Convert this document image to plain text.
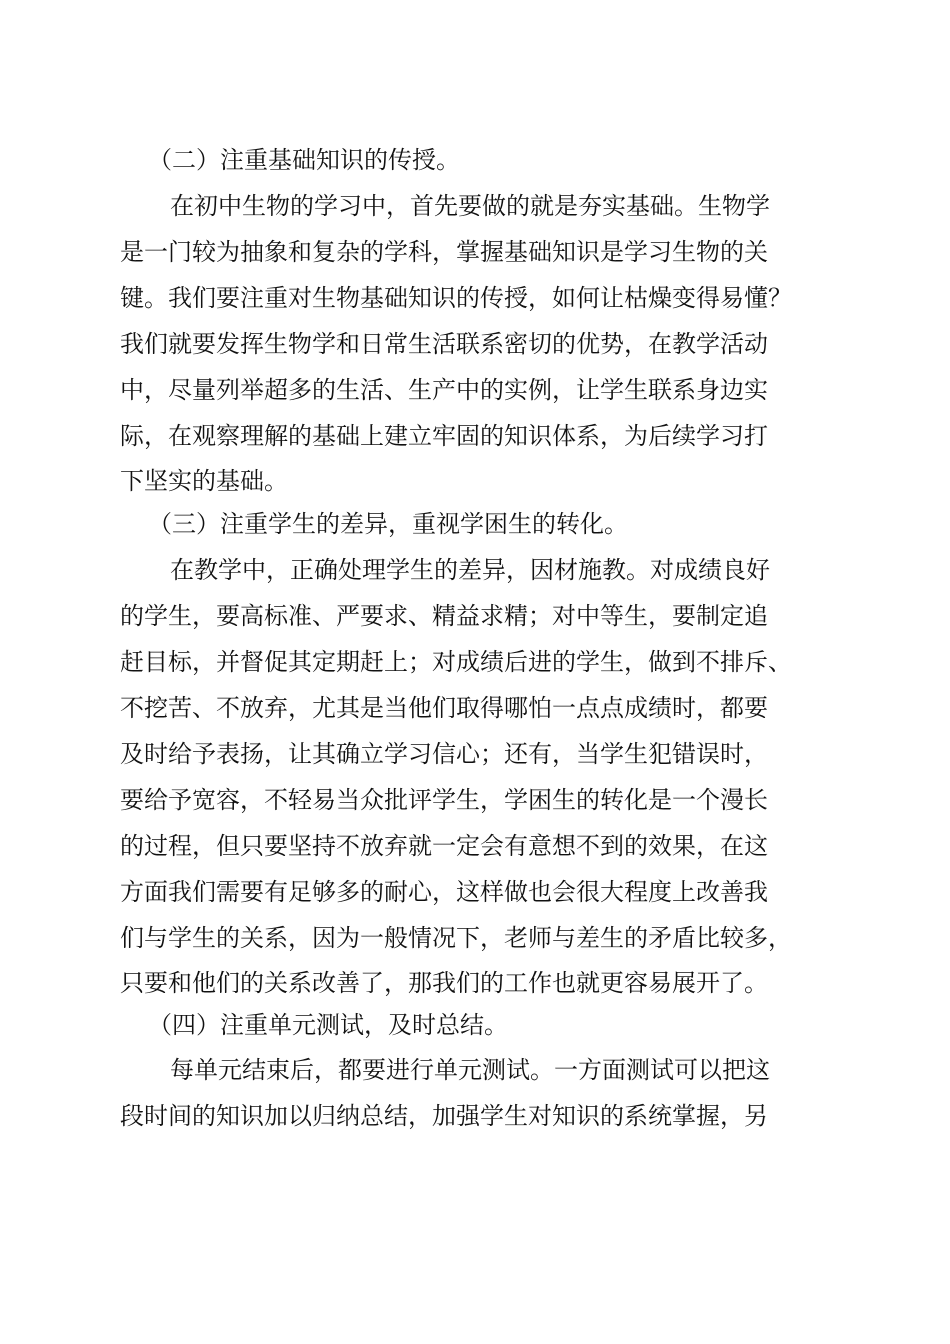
（二）注重基础知识的传授。
在初中生物的学习中，首先要做的就是夯实基础。生物学
是一门较为抽象和复杂的学科，掌握基础知识是学习生物的关
键。我们要注重对生物基础知识的传授，如何让枯燥变得易懂？
我们就要发挥生物学和日常生活联系密切的优势，在教学活动
中，尽量列举超多的生活、生产中的实例，让学生联系身边实
际，在观察理解的基础上建立牢固的知识体系，为后续学习打
下坚实的基础。
（三）注重学生的差异，重视学困生的转化。
在教学中，正确处理学生的差异，因材施教。对成绩良好
的学生，要高标准、严要求、精益求精；对中等生，要制定追
赶目标，并督促其定期赶上；对成绩后进的学生，做到不排斥、
不挖苦、不放弃，尤其是当他们取得哪怕一点点成绩时，都要
及时给予表扬，让其确立学习信心；还有，当学生犯错误时，
要给予宽容，不轻易当众批评学生，学困生的转化是一个漫长
的过程，但只要坚持不放弃就一定会有意想不到的效果，在这
方面我们需要有足够多的耐心，这样做也会很大程度上改善我
们与学生的关系，因为一般情况下，老师与差生的矛盾比较多，
只要和他们的关系改善了，那我们的工作也就更容易展开了。
（四）注重单元测试，及时总结。
每单元结束后，都要进行单元测试。一方面测试可以把这
段时间的知识加以归纳总结，加强学生对知识的系统掌握，另
